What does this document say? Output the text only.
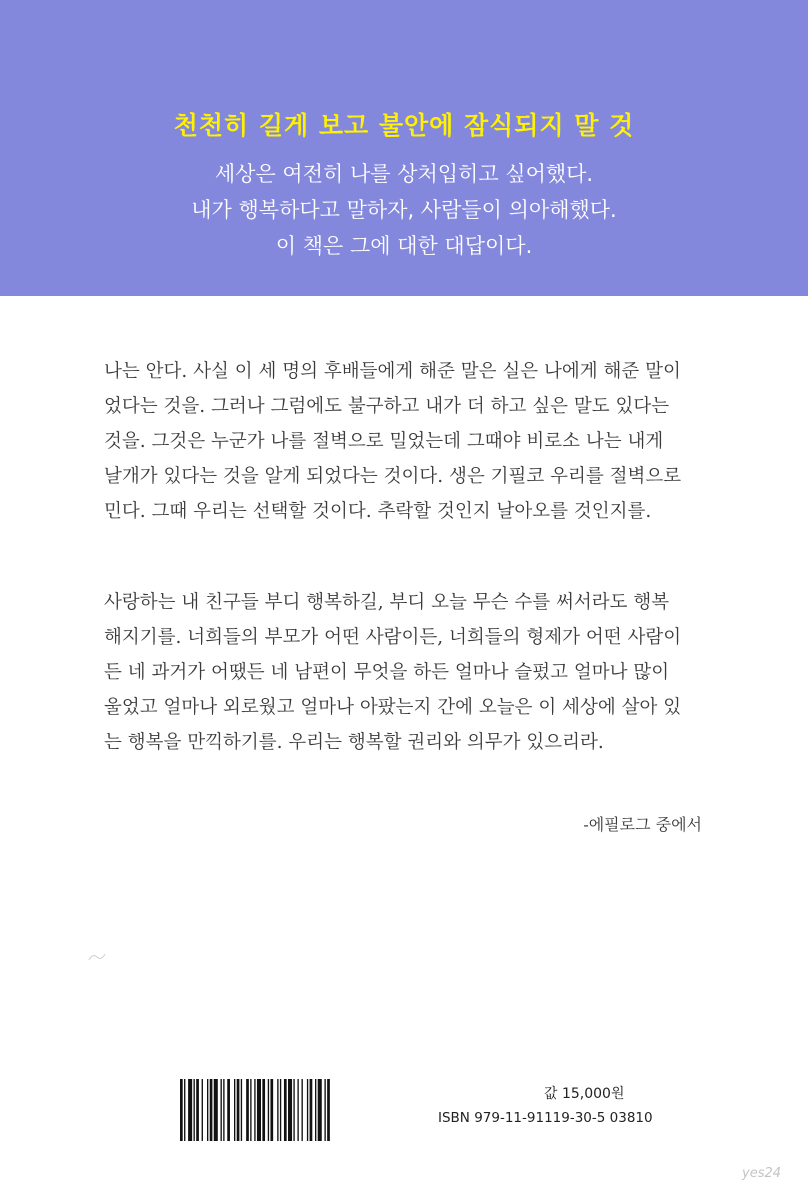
천천히 길게 보고 불안에 잠식되지 말 것
세상은 여전히 나를 상처입히고 싶어했다.
내가 행복하다고 말하자, 사람들이 의아해했다.
이 책은 그에 대한 대답이다.
나는 안다. 사실 이 세 명의 후배들에게 해준 말은 실은 나에게 해준 말이
었다는 것을. 그러나 그럼에도 불구하고 내가 더 하고 싶은 말도 있다는
것을. 그것은 누군가 나를 절벽으로 밀었는데 그때야 비로소 나는 내게
날개가 있다는 것을 알게 되었다는 것이다. 생은 기필코 우리를 절벽으로
민다. 그때 우리는 선택할 것이다. 추락할 것인지 날아오를 것인지를.
사랑하는 내 친구들 부디 행복하길, 부디 오늘 무슨 수를 써서라도 행복
해지기를. 너희들의 부모가 어떤 사람이든, 너희들의 형제가 어떤 사람이
든 네 과거가 어땠든 네 남편이 무엇을 하든 얼마나 슬펐고 얼마나 많이
울었고 얼마나 외로웠고 얼마나 아팠는지 간에 오늘은 이 세상에 살아 있
는 행복을 만끽하기를. 우리는 행복할 권리와 의무가 있으리라.
-에필로그 중에서
값 15,000원
ISBN 979-11-91119-30-5 03810
yes24
